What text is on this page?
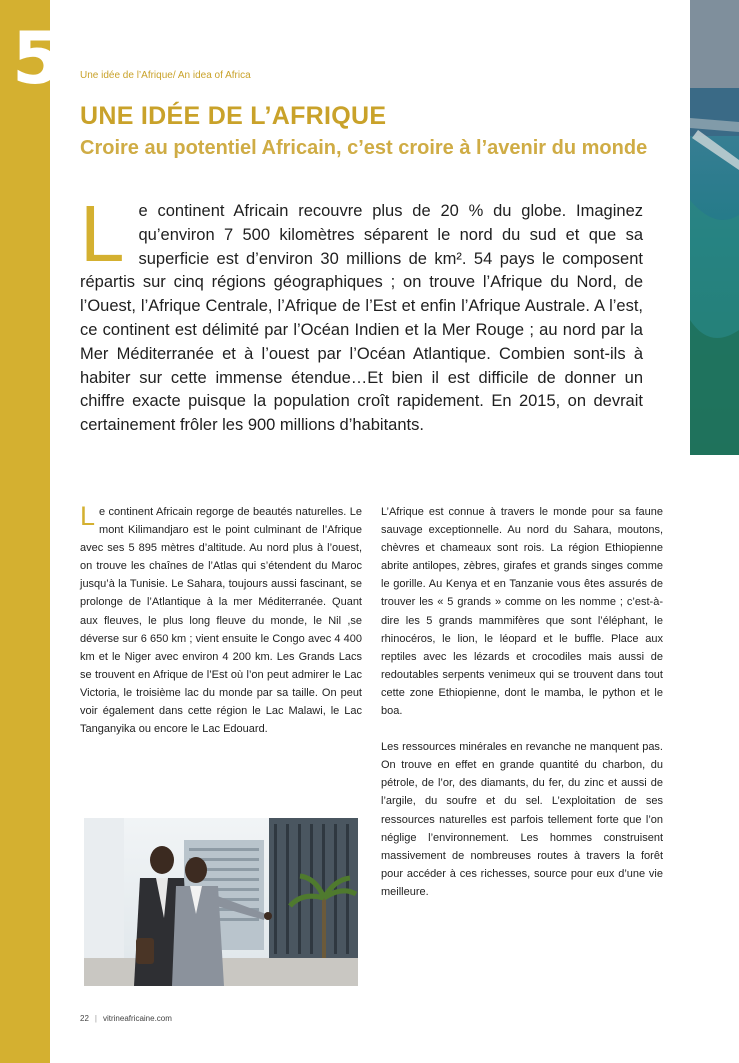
5 Une idée de l’Afrique/ An idea of Africa
UNE IDÉE DE L’AFRIQUE
Croire au potentiel Africain, c’est croire à l’avenir du monde
L e continent Africain recouvre plus de 20 % du globe. Imaginez qu’environ 7 500 kilomètres séparent le nord du sud et que sa superficie est d’environ 30 millions de km². 54 pays le composent répartis sur cinq régions géographiques ; on trouve l’Afrique du Nord, de l’Ouest, l’Afrique Centrale, l’Afrique de l’Est et enfin l’Afrique Australe. A l’est, ce continent est délimité par l’Océan Indien et la Mer Rouge ; au nord par la Mer Méditerranée et à l’ouest par l’Océan Atlantique. Combien sont-ils à habiter sur cette immense étendue…Et bien il est difficile de donner un chiffre exacte puisque la population croît rapidement. En 2015, on devrait certainement frôler les 900 millions d’habitants.

L e continent Africain regorge de beautés naturelles. Le mont Kilimandjaro est le point culminant de l’Afrique avec ses 5 895 mètres d’altitude. Au nord plus à l’ouest, on trouve les chaînes de l’Atlas qui s’étendent du Maroc jusqu’à la Tunisie. Le Sahara, toujours aussi fascinant, se prolonge de l’Atlantique à la mer Méditerranée. Quant aux fleuves, le plus long fleuve du monde, le Nil ,se déverse sur 6 650 km ; vient ensuite le Congo avec 4 400 km et le Niger avec environ 4 200 km. Les Grands Lacs se trouvent en Afrique de l’Est où l’on peut admirer le Lac Victoria, le troisième lac du monde par sa taille. On peut voir également dans cette région le Lac Malawi, le Lac Tanganyika ou encore le Lac Edouard.

L’Afrique est connue à travers le monde pour sa faune sauvage exceptionnelle. Au nord du Sahara, moutons, chèvres et chameaux sont rois. La région Ethiopienne abrite antilopes, zèbres, girafes et grands singes comme le gorille. Au Kenya et en Tanzanie vous êtes assurés de trouver les « 5 grands » comme on les nomme ; c’est-à-dire les 5 grands mammifères que sont l’éléphant, le rhinocéros, le lion, le léopard et le buffle. Place aux reptiles avec les lézards et crocodiles mais aussi de redoutables serpents venimeux qui se trouvent dans tout cette zone Ethiopienne, dont le mamba, le python et le boa.

Les ressources minérales en revanche ne manquent pas. On trouve en effet en grande quantité du charbon, du pétrole, de l’or, des diamants, du fer, du zinc et aussi de l’argile, du soufre et du sel. L’exploitation de ses ressources naturelles est parfois tellement forte que l’on néglige l’environnement. Les hommes construisent massivement de nombreuses routes à travers la forêt pour accéder à ces richesses, source pour eux d’une vie meilleure.

22 | vitrineafricaine.com
